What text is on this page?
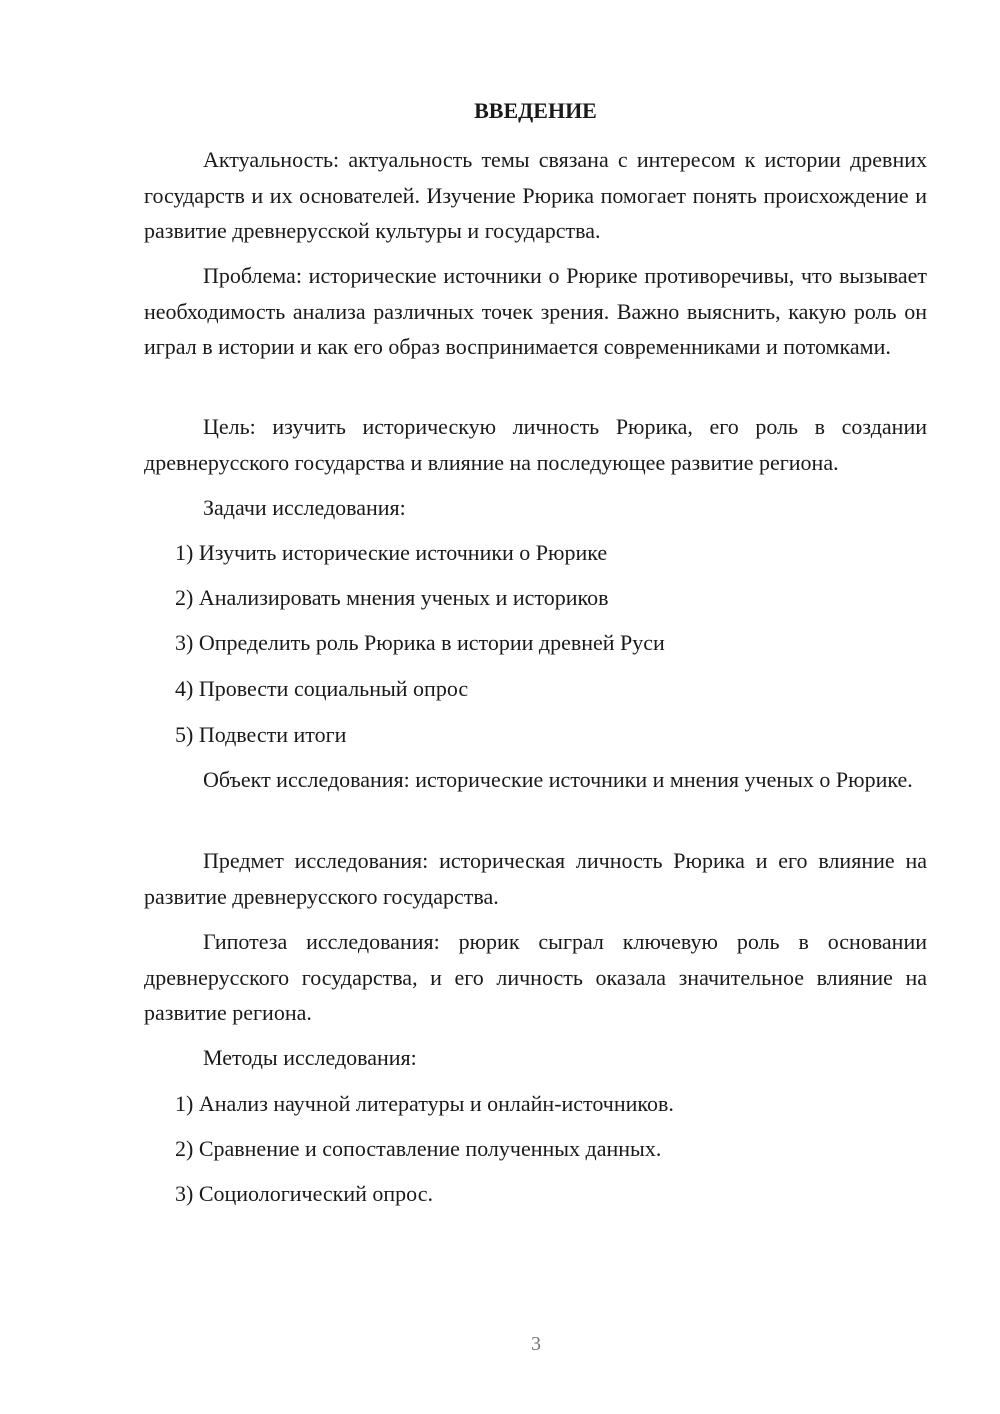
ВВЕДЕНИЕ

Актуальность: актуальность темы связана с интересом к истории древних государств и их основателей. Изучение Рюрика помогает понять происхождение и развитие древнерусской культуры и государства.

Проблема: исторические источники о Рюрике противоречивы, что вызывает необходимость анализа различных точек зрения. Важно выяснить, какую роль он играл в истории и как его образ воспринимается современниками и потомками.

Цель: изучить историческую личность Рюрика, его роль в создании древнерусского государства и влияние на последующее развитие региона.

Задачи исследования:

1) Изучить исторические источники о Рюрике

2) Анализировать мнения ученых и историков

3) Определить роль Рюрика в истории древней Руси

4) Провести социальный опрос

5) Подвести итоги

Объект исследования: исторические источники и мнения ученых о Рюрике.

Предмет исследования: историческая личность Рюрика и его влияние на развитие древнерусского государства.

Гипотеза исследования: рюрик сыграл ключевую роль в основании древнерусского государства, и его личность оказала значительное влияние на развитие региона.

Методы исследования:

1) Анализ научной литературы и онлайн-источников.

2) Сравнение и сопоставление полученных данных.

3) Социологический опрос.

3
